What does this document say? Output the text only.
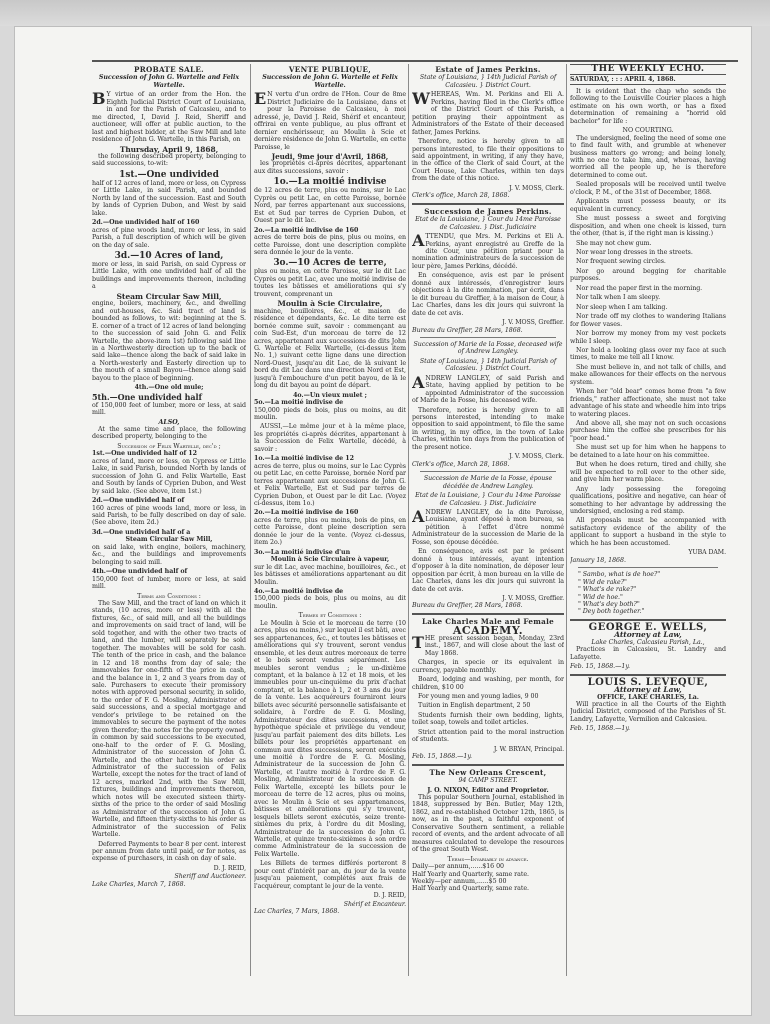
PROBATE SALE.
Succession of John G. Wartelle and Felix Wartelle.

B Y virtue of an order from the Hon. the Eighth Judicial District Court of Louisiana, in and for the Parish of Calcasieu, and to me directed, I, David J. Reid, Sheriff and auctioneer, will offer at public auction, to the last and highest bidder, at the Saw Mill and late residence of John G. Wartelle, in this Parish, on

Thursday, April 9, 1868,

the following described property, belonging to said successions, to-wit:

1st.—One undivided

half of 12 acres of land, more or less, on Cypress or Little Lake, in said Parish, and bounded North by land of the succession. East and South by lands of Cyprien Dubon, and West by said lake.

2d.—One undivided half of 160

acres of pine woods land, more or less, in said Parish, a full description of which will be given on the day of sale.

3d.—10 Acres of land,

more or less, in said Parish, on said Cypress or Little Lake, with one undivided half of all the buildings and improvements thereon, including a

Steam Circular Saw Mill,

engine, boilers, machinery, &c., and dwelling and out-houses, &c. Said tract of land is bounded as follows, to wit: beginning at the S. E. corner of a tract of 12 acres of land belonging to the succession of said John G. and Felix Wartelle, the above-item 1st) following said line in a Northwesterly direction up to the back of said lake—thence along the back of said lake in a North-westerly and Easterly direction up to the mouth of a small Bayou—thence along said bayou to the place of beginning.

4th.—One old mule;
5th.—One undivided half

of 150,000 feet of lumber, more or less, at said mill.

ALSO,

At the same time and place, the following described property, belonging to the

Succession of Felix Wartelle, dec'd ;
1st.—One undivided half of 12

acres of land, more or less, on Cypress or Little Lake, in said Parish, bounded North by lands of succession of John G. and Felix Wartelle, East and South by lands of Cyprien Dubon, and West by said lake. (See above, item 1st.)

2d.—One undivided half of

160 acres of pine woods land, more or less, in said Parish, to be fully described on day of sale. (See above, item 2d.)

3d.—One undivided half of a
Steam Circular Saw Mill,

on said lake, with engine, boilers, machinery, &c., and the buildings and improvements belonging to said mill.

4th.—One undivided half of

150,000 feet of lumber, more or less, at said mill.

Terms and Conditions :

The Saw Mill, and the tract of land on which it stands, (10 acres, more or less) with all the fixtures, &c., of said mill, and all the buildings and improvements on said tract of land, will be sold together, and with the other two tracts of land, and the lumber, will separately be sold together. The movables will be sold for cash. The tenth of the price in cash, and the balance in 12 and 18 months from day of sale; the immovables for one-fifth of the price in cash, and the balance in 1, 2 and 3 years from day of sale. Purchasers to execute their promissory notes with approved personal security, in solido, to the order of F. G. Mosling, Administrator of said successions, and a special mortgage and vendor's privilege to be retained on the immovables to secure the payment of the notes given therefor; the notes for the property owned in common by said successions to be executed, one-half to the order of F. G. Mosling, Administrator of the succession of John G. Wartelle, and the other half to his order as Administrator of the succession of Felix Wartelle, except the notes for the tract of land of 12 acres, marked 2nd, with the Saw Mill, fixtures, buildings and improvements thereon, which notes will be executed sixteen thirty-sixths of the price to the order of said Mosling as Administrator of the succession of John G. Wartelle, and fifteen thirty-sixths to his order as Administrator of the succession of Felix Wartelle.

Deferred Payments to bear 8 per cent. interest per annum from date until paid, or for notes, as expense of purchasers, in cash on day of sale.

D. J. REID,
Sheriff and Auctioneer.
Lake Charles, March 7, 1868.
VENTE PUBLIQUE,
Succession de John G. Wartelle et Felix Wartelle.

E N vertu d'un ordre de l'Hon. Cour de 8me District Judiciaire de la Louisiane, dans et pour la Paroisse de Calcasieu, à moi adressé, je, David J. Reid, Shérif et encanteur, offrirai en vente publique, au plus offrant et dernier enchérisseur, au Moulin à Scie et dernière résidence de John G. Wartelle, en cette Paroisse, le

Jeudi, 9me jour d'Avril, 1868,

les propriétés ci-après décrites, appartenant aux dites successions, savoir :

1o.—La moitié indivise

de 12 acres de terre, plus ou moins, sur le Lac Cyprès ou petit Lac, en cette Paroisse, bornée Nord, par terres appartenant aux successions, Est et Sud par terres de Cyprien Dubon, et Ouest par le dit lac.

2o.—La moitié indivise de 160

acres de terre bois de pins, plus ou moins, en cette Paroisse, dont une description complète sera donnée le jour de la vente.

3o.—10 Acres de terre,

plus ou moins, en cette Paroisse, sur le dit Lac Cyprès ou petit Lac, avec une moitié indivise de toutes les bâtisses et améliorations qui s'y trouvent, comprenant un

Moulin à Scie Circulaire,

machine, bouilloires, &c., et maison de résidence et dépendants, &c. Le dite terre est bornée comme suit, savoir : commençant au coin Sud-Est, d'un morceau de terre de 12 acres, appartenant aux successions de dits John G. Wartelle et Felix Wartelle, (ci-dessus item No. 1,) suivant cette ligne dans une direction Nord-Ouest, jusqu'au dit Lac, de là suivant le bord du dit Lac dans une direction Nord et Est, jusqu'à l'embouchure d'un petit bayou, de là le long du dit bayou au point de départ.

4o.—Un vieux mulet ;
5o.—La moitié indivise de

150,000 pieds de bois, plus ou moins, au dit moulin.

AUSSI,—Le même jour et à la même place, les propriétés ci-après décrites, appartenant à la Succession de Felix Wartelle, décédé, à savoir :

1o.—La moitié indivise de 12

acres de terre, plus ou moins, sur le Lac Cyprès ou petit Lac, en cette Paroisse, bornée Nord par terres appartenant aux successions de John G. et Felix Wartelle, Est et Sud par terres de Cyprien Dubon, et Ouest par le dit Lac. (Voyez ci-dessus, item 1o.)

2o.—La moitié indivise de 160

acres de terre, plus ou moins, bois de pins, en cette Paroisse, dont pleine description sera donnée le jour de la vente. (Voyez ci-dessus, item 2o.)

3o.—La moitié indivise d'un
Moulin à Scie Circulaire à vapeur,

sur le dit Lac, avec machine, bouilloires, &c., et les bâtisses et améliorations appartenant au dit Moulin.

4o.—La moitié indivise de

150,000 pieds de bois, plus ou moins, au dit moulin.

Termes et Conditions :

Le Moulin à Scie et le morceau de terre (10 acres, plus ou moins,) sur lequel il est bâti, avec ses appartenances, &c., et toutes les bâtisses et améliorations qui s'y trouvent, seront vendus ensemble, et les deux autres morceaux de terre et le bois seront vendus séparément. Les meubles seront vendus ; le un-dixième comptant, et la balance à 12 et 18 mois, et les immeubles pour un-cinquième du prix d'achat comptant, et la balance à 1, 2 et 3 ans du jour de la vente. Les acquéreurs fourniront leurs billets avec sécurité personnelle satisfaisante et solidaire, à l'ordre de F. G. Mosling, Administrateur des dites successions, et une hypothèque spéciale et privilège du vendeur, jusqu'au parfait paiement des dits billets. Les billets pour les propriétés appartenant en commun aux dites successions, seront exécutés une moitié à l'ordre de F. G. Mosling, Administrateur de la succession de John G. Wartelle, et l'autre moitié à l'ordre de F. G. Mosling, Administrateur de la succession de Felix Wartelle, excepté les billets pour le morceau de terre de 12 acres, plus ou moins, avec le Moulin à Scie et ses appartenances, bâtisses et améliorations qui s'y trouvent, lesquels billets seront exécutés, seize trente-sixièmes du prix, à l'ordre du dit Mosling, Administrateur de la succession de John G. Wartelle, et quinze trente-sixièmes à son ordre comme Administrateur de la succession de Felix Wartelle.

Les Billets de termes différés porteront 8 pour cent d'intérêt par an, du jour de la vente jusqu'au paiement, complétés aux frais de l'acquéreur, comptant le jour de la vente.

D. J. REID,
Shérif et Encanteur.
Lac Charles, 7 Mars, 1868.
Estate of James Perkins.
State of Louisiana, } 14th Judicial Parish of Calcasieu. } District Court.

WHEREAS, Wm. M. Perkins and Eli A. Perkins, having filed in the Clerk's office of the District Court of this Parish, a petition praying their appointment as Administrators of the Estate of their deceased father, James Perkins.

Therefore, notice is hereby given to all persons interested, to file their oppositions to said appointment, in writing, if any they have, in the office of the Clerk of said Court, at the Court House, Lake Charles, within ten days from the date of this notice.

J. V. MOSS, Clerk.
Clerk's office, March 28, 1868.
Succession de James Perkins.
Etat de la Louisiane, } Cour du 14me Paroisse de Calcasieu. } Dist. Judiciaire

ATTENDU, que Mrs. M. Perkins et Eli A. Perkins, ayant enregistré au Greffe de la dite Cour, une pétition priant pour la nomination administrateurs de la succession de leur père, James Perkins, décédé.

En conséquence, avis est par le présent donné aux intéressés, d'enregistrer leurs objections à la dite nomination, par écrit, dans le dit bureau du Greffier, à la maison de Cour, à Lac Charles, dans les dix jours qui suivront la date de cet avis.

J. V. MOSS, Greffier.
Bureau du Greffier, 28 Mars, 1868.
Succession of Marie de la Fosse, deceased wife of Andrew Langley.
State of Louisiana, } 14th Judicial Parish of Calcasieu. } District Court.

ANDREW LANGLEY, of said Parish and State, having applied by petition to be appointed Administrator of the succession of Marie de la Fosse, his deceased wife.

Therefore, notice is hereby given to all persons interested, intending to make opposition to said appointment, to file the same in writing, in my office, in the town of Lake Charles, within ten days from the publication of the present notice.

J. V. MOSS, Clerk.
Clerk's office, March 28, 1868.
Succession de Marie de la Fosse, épouse décédée de Andrew Langley.
Etat de la Louisiane, } Cour du 14me Paroisse de Calcasieu. } Dist. Judiciaire

ANDREW LANGLEY, de la dite Paroisse, Louisiane, ayant déposé à mon bureau, sa pétition à l'effet d'être nommé Administrateur de la succession de Marie de la Fosse, son épouse décédée.

En conséquence, avis est par le présent donné à tous intéressés, ayant intention d'opposer à la dite nomination, de déposer leur opposition par écrit, à mon bureau en la ville de Lac Charles, dans les dix jours qui suivront la date de cet avis.

J. V. MOSS, Greffier.
Bureau du Greffier, 28 Mars, 1868.
Lake Charles Male and Female
ACADEMY.

THE present session began, Monday, 23rd inst., 1867, and will close about the last of May 1868.

Charges, in specie or its equivalent in currency, payable monthly.

Board, lodging and washing, per month, for children, $10 00

For young men and young ladies, 9 00

Tuition in English department, 2 50

Students furnish their own bedding, lights, toilet soap, towels and toilet articles.

Strict attention paid to the moral instruction of students.

J. W. BRYAN, Principal.
Feb. 15, 1868.—1y.
The New Orleans Crescent,
94 CAMP STREET.
J. O. NIXON, Editor and Proprietor.

This popular Southern Journal, established in 1848, suppressed by Ben. Butler, May 12th, 1862, and re-established October 12th, 1865, is now, as in the past, a faithful exponent of Conservative Southern sentiment, a reliable record of events, and the ardent advocate of all measures calculated to develope the resources of the great South West.

Terms—Invariably in advance.
Daily—per annum,......$16 00
Half Yearly and Quarterly, same rate.
Weekly—per annum,......$5 00
Half Yearly and Quarterly, same rate.
THE WEEKLY ECHO.
SATURDAY, : : : APRIL 4, 1868.

It is evident that the chap who sends the following to the Louisville Courier places a high estimate on his own worth, or has a fixed determination of remaining a "horrid old bachelor" for life :

NO COURTING.

The undersigned, feeling the need of some one to find fault with, and grumble at whenever business matters go wrong; and being lonely, with no one to take him, and, whereas, having worried all the people up, he is therefore determined to come out.

Sealed proposals will be received until twelve o'clock, P. M., of the 31st of December, 1868.

Applicants must possess beauty, or its equivalent in currency.

She must possess a sweet and forgiving disposition, and when one cheek is kissed, turn the other, (that is, if the right man is kissing.)

She may not chew gum.

Nor wear long dresses in the streets.

Nor frequent sewing circles.

Nor go around begging for charitable purposes.

Nor read the paper first in the morning.

Nor talk when I am sleepy.

Nor sleep when I am talking.

Nor trade off my clothes to wandering Italians for flower vases.

Nor borrow my money from my vest pockets while I sleep.

Nor hold a looking glass over my face at such times, to make me tell all I know.

She must believe in, and not talk of chills, and make allowances for their effects on the nervous system.

When her "old bear" comes home from "a few friends," rather affectionate, she must not take advantage of his state and wheedle him into trips to watering places.

And above all, she may not on such occasions purchase him the coffee she prescribes for his "poor head."

She must set up for him when he happens to be detained to a late hour on his committee.

But when he does return, tired and chilly, she will be expected to roll over to the other side, and give him her warm place.

Any lady possessing the foregoing qualifications, positive and negative, can hear of something to her advantage by addressing the undersigned, enclosing a red stamp.

All proposals must be accompanied with satisfactory evidence of the ability of the applicant to support a husband in the style to which he has been accustomed.

YUBA DAM.
January 18, 1868.
" Sambo, what is de hoe?"
" Wid de rake?"
" What's de rake?"
" Wid de hoe."
" What's dey both?"
" Dey both together."
GEORGE E. WELLS,
Attorney at Law,
Lake Charles, Calcasieu Parish, La.,

Practices in Calcasieu, St. Landry and Lafayette.

Feb. 15, 1868.—1y.
LOUIS S. LEVEQUE,
Attorney at Law,
OFFICE, LAKE CHARLES, La.

Will practice in all the Courts of the Eighth Judicial District, composed of the Parishes of St. Landry, Lafayette, Vermilion and Calcasieu.

Feb. 15, 1868.—1y.
